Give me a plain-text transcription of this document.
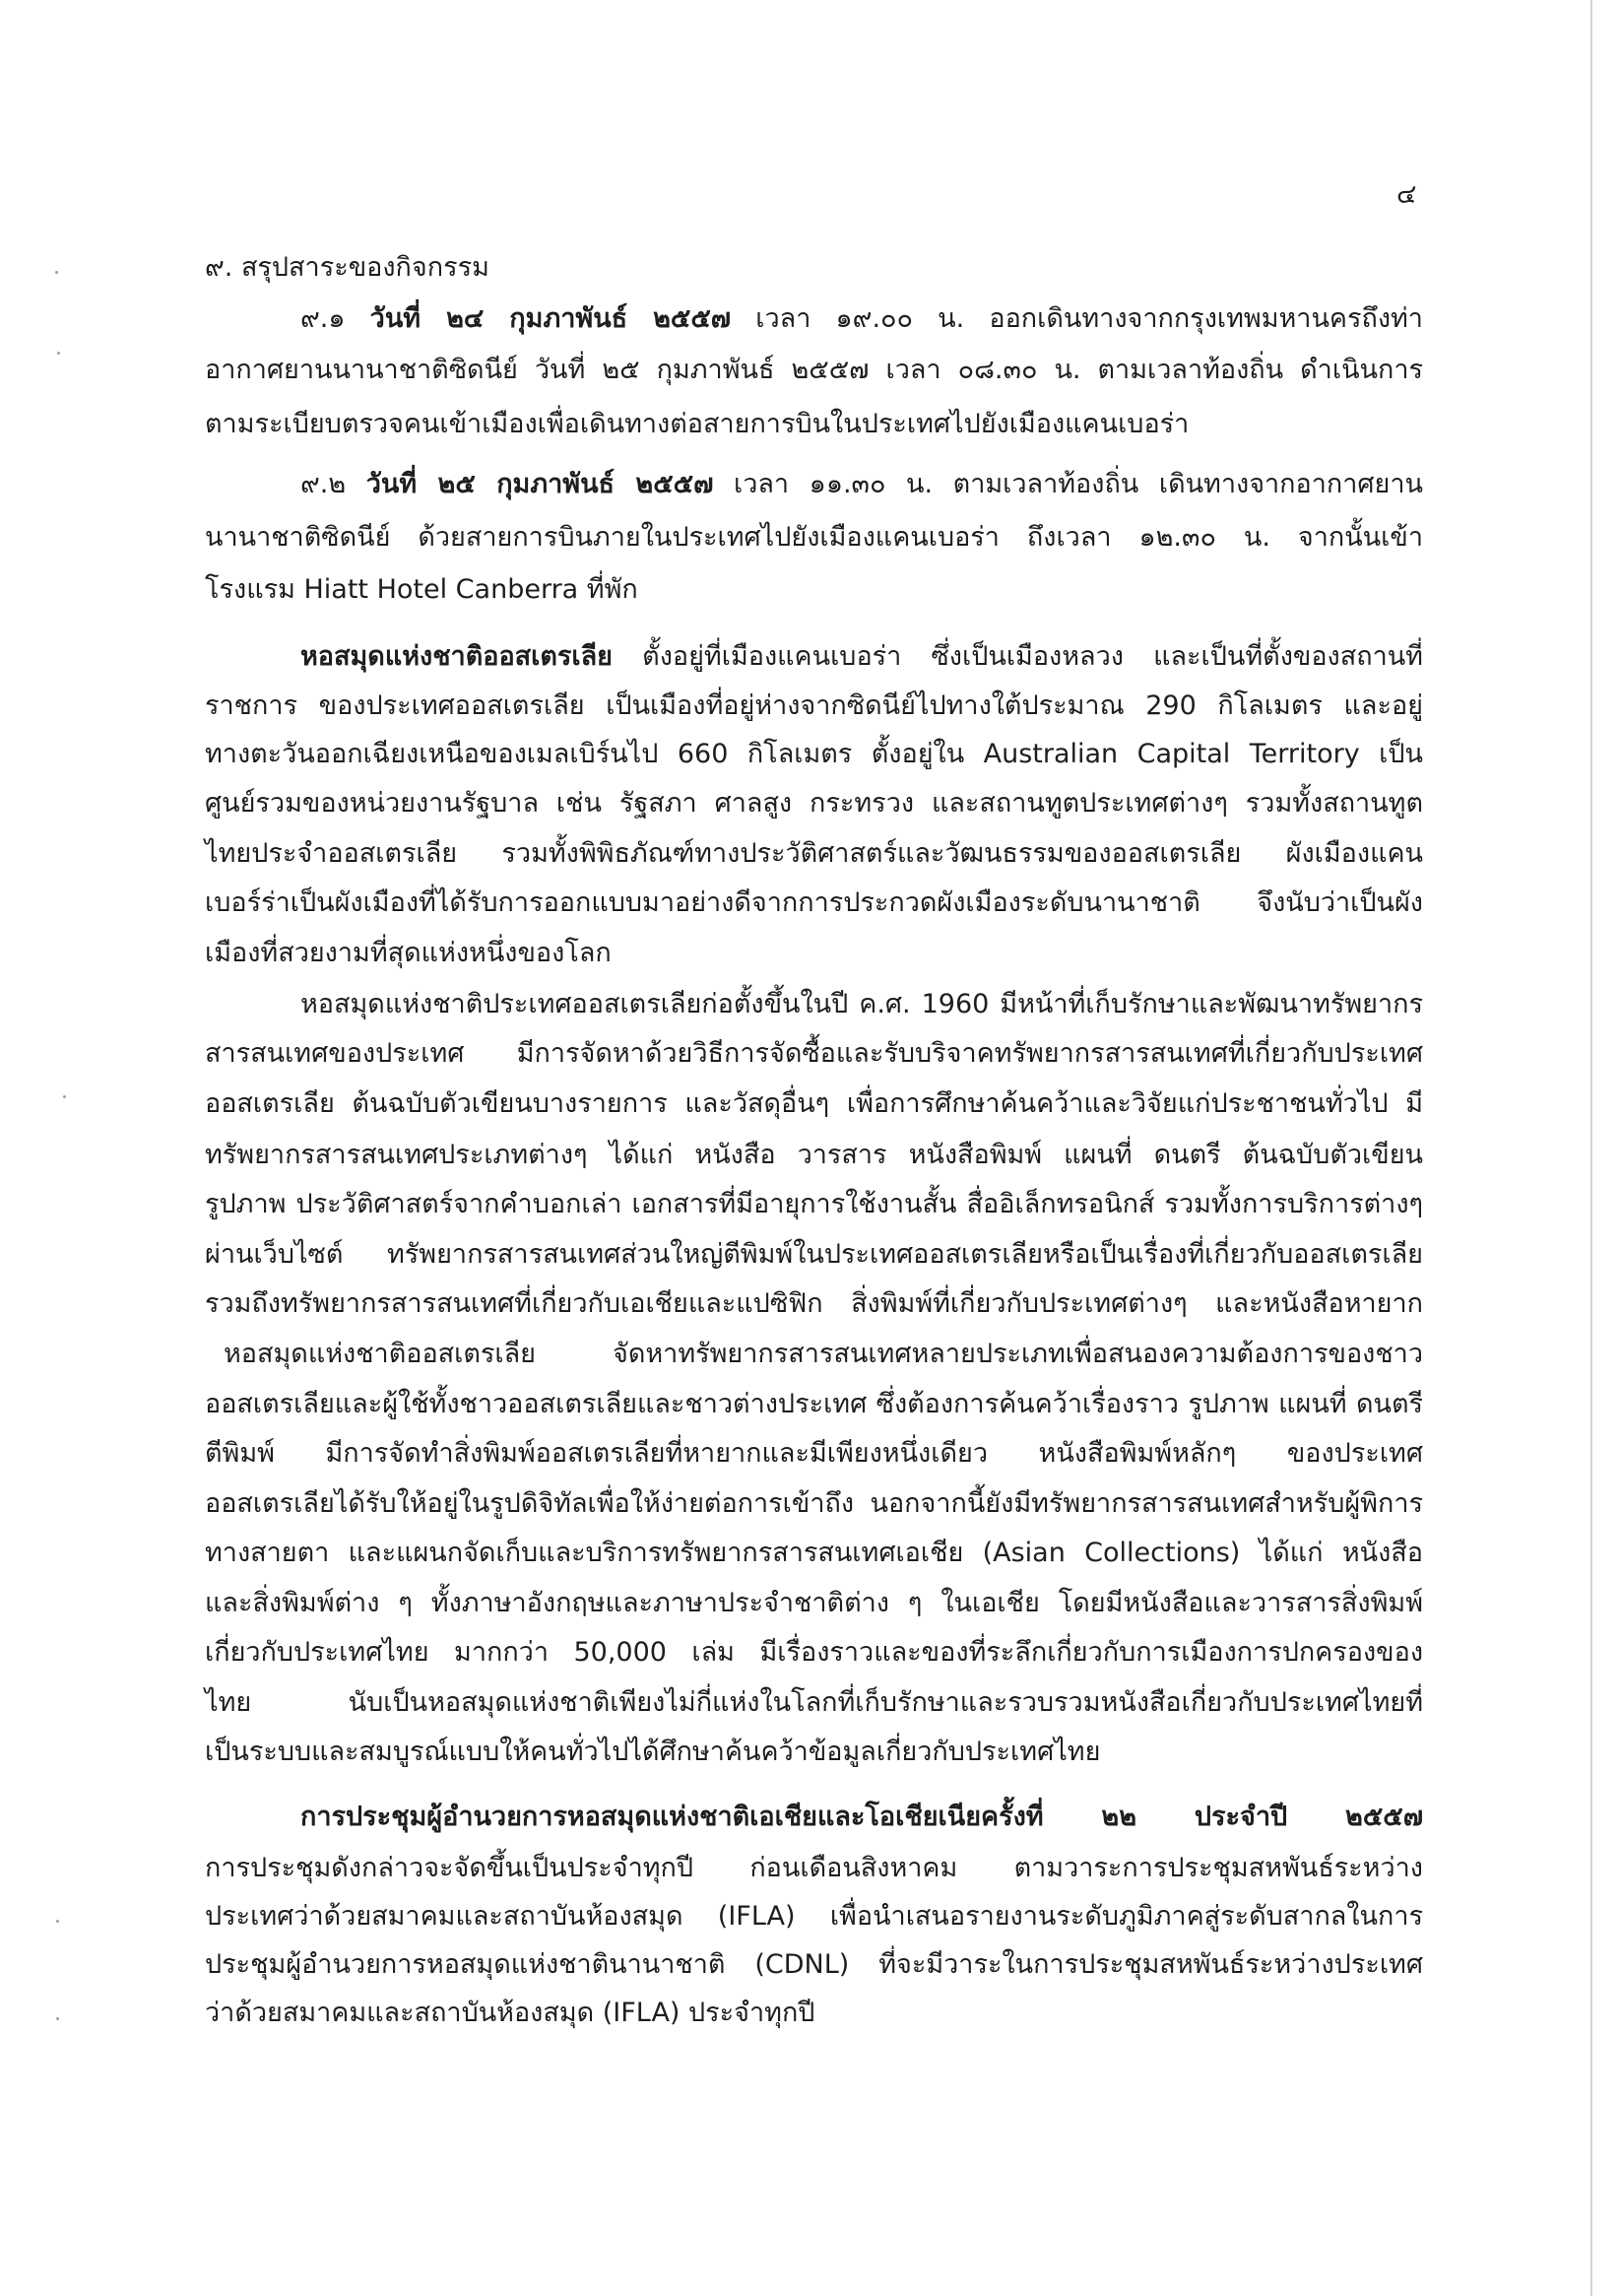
๔
๙. สรุปสาระของกิจกรรม
๙.๑ วันที่ ๒๔ กุมภาพันธ์ ๒๕๕๗ เวลา ๑๙.๐๐ น. ออกเดินทางจากกรุงเทพมหานครถึงท่า
อากาศยานนานาชาติซิดนีย์ วันที่ ๒๕ กุมภาพันธ์ ๒๕๕๗ เวลา ๐๘.๓๐ น. ตามเวลาท้องถิ่น ดำเนินการ
ตามระเบียบตรวจคนเข้าเมืองเพื่อเดินทางต่อสายการบินในประเทศไปยังเมืองแคนเบอร่า
๙.๒ วันที่ ๒๕ กุมภาพันธ์ ๒๕๕๗ เวลา ๑๑.๓๐ น. ตามเวลาท้องถิ่น เดินทางจากอากาศยาน
นานาชาติซิดนีย์ ด้วยสายการบินภายในประเทศไปยังเมืองแคนเบอร่า ถึงเวลา ๑๒.๓๐ น. จากนั้นเข้า
โรงแรม Hiatt Hotel Canberra ที่พัก
หอสมุดแห่งชาติออสเตรเลีย ตั้งอยู่ที่เมืองแคนเบอร่า ซึ่งเป็นเมืองหลวง และเป็นที่ตั้งของสถานที่
ราชการ ของประเทศออสเตรเลีย เป็นเมืองที่อยู่ห่างจากซิดนีย์ไปทางใต้ประมาณ 290 กิโลเมตร และอยู่
ทางตะวันออกเฉียงเหนือของเมลเบิร์นไป 660 กิโลเมตร ตั้งอยู่ใน Australian Capital Territory เป็น
ศูนย์รวมของหน่วยงานรัฐบาล เช่น รัฐสภา ศาลสูง กระทรวง และสถานทูตประเทศต่างๆ รวมทั้งสถานทูต
ไทยประจำออสเตรเลีย รวมทั้งพิพิธภัณฑ์ทางประวัติศาสตร์และวัฒนธรรมของออสเตรเลีย ผังเมืองแคน
เบอร์ร่าเป็นผังเมืองที่ได้รับการออกแบบมาอย่างดีจากการประกวดผังเมืองระดับนานาชาติ จึงนับว่าเป็นผัง
เมืองที่สวยงามที่สุดแห่งหนึ่งของโลก
หอสมุดแห่งชาติประเทศออสเตรเลียก่อตั้งขึ้นในปี ค.ศ. 1960 มีหน้าที่เก็บรักษาและพัฒนาทรัพยากร
สารสนเทศของประเทศ มีการจัดหาด้วยวิธีการจัดซื้อและรับบริจาคทรัพยากรสารสนเทศที่เกี่ยวกับประเทศ
ออสเตรเลีย ต้นฉบับตัวเขียนบางรายการ และวัสดุอื่นๆ เพื่อการศึกษาค้นคว้าและวิจัยแก่ประชาชนทั่วไป มี
ทรัพยากรสารสนเทศประเภทต่างๆ ได้แก่ หนังสือ วารสาร หนังสือพิมพ์ แผนที่ ดนตรี ต้นฉบับตัวเขียน
รูปภาพ ประวัติศาสตร์จากคำบอกเล่า เอกสารที่มีอายุการใช้งานสั้น สื่ออิเล็กทรอนิกส์ รวมทั้งการบริการต่างๆ
ผ่านเว็บไซต์ ทรัพยากรสารสนเทศส่วนใหญ่ตีพิมพ์ในประเทศออสเตรเลียหรือเป็นเรื่องที่เกี่ยวกับออสเตรเลีย
รวมถึงทรัพยากรสารสนเทศที่เกี่ยวกับเอเชียและแปซิฟิก สิ่งพิมพ์ที่เกี่ยวกับประเทศต่างๆ และหนังสือหายาก
หอสมุดแห่งชาติออสเตรเลีย จัดหาทรัพยากรสารสนเทศหลายประเภทเพื่อสนองความต้องการของชาว
ออสเตรเลียและผู้ใช้ทั้งชาวออสเตรเลียและชาวต่างประเทศ ซึ่งต้องการค้นคว้าเรื่องราว รูปภาพ แผนที่ ดนตรี
ตีพิมพ์ มีการจัดทำสิ่งพิมพ์ออสเตรเลียที่หายากและมีเพียงหนึ่งเดียว หนังสือพิมพ์หลักๆ ของประเทศ
ออสเตรเลียได้รับให้อยู่ในรูปดิจิทัลเพื่อให้ง่ายต่อการเข้าถึง นอกจากนี้ยังมีทรัพยากรสารสนเทศสำหรับผู้พิการ
ทางสายตา และแผนกจัดเก็บและบริการทรัพยากรสารสนเทศเอเชีย (Asian Collections) ได้แก่ หนังสือ
และสิ่งพิมพ์ต่าง ๆ ทั้งภาษาอังกฤษและภาษาประจำชาติต่าง ๆ ในเอเชีย โดยมีหนังสือและวารสารสิ่งพิมพ์
เกี่ยวกับประเทศไทย มากกว่า 50,000 เล่ม มีเรื่องราวและของที่ระลึกเกี่ยวกับการเมืองการปกครองของ
ไทย นับเป็นหอสมุดแห่งชาติเพียงไม่กี่แห่งในโลกที่เก็บรักษาและรวบรวมหนังสือเกี่ยวกับประเทศไทยที่
เป็นระบบและสมบูรณ์แบบให้คนทั่วไปได้ศึกษาค้นคว้าข้อมูลเกี่ยวกับประเทศไทย
การประชุมผู้อำนวยการหอสมุดแห่งชาติเอเชียและโอเชียเนียครั้งที่ ๒๒ ประจำปี ๒๕๕๗
การประชุมดังกล่าวจะจัดขึ้นเป็นประจำทุกปี ก่อนเดือนสิงหาคม ตามวาระการประชุมสหพันธ์ระหว่าง
ประเทศว่าด้วยสมาคมและสถาบันห้องสมุด (IFLA) เพื่อนำเสนอรายงานระดับภูมิภาคสู่ระดับสากลในการ
ประชุมผู้อำนวยการหอสมุดแห่งชาตินานาชาติ (CDNL) ที่จะมีวาระในการประชุมสหพันธ์ระหว่างประเทศ
ว่าด้วยสมาคมและสถาบันห้องสมุด (IFLA) ประจำทุกปี
